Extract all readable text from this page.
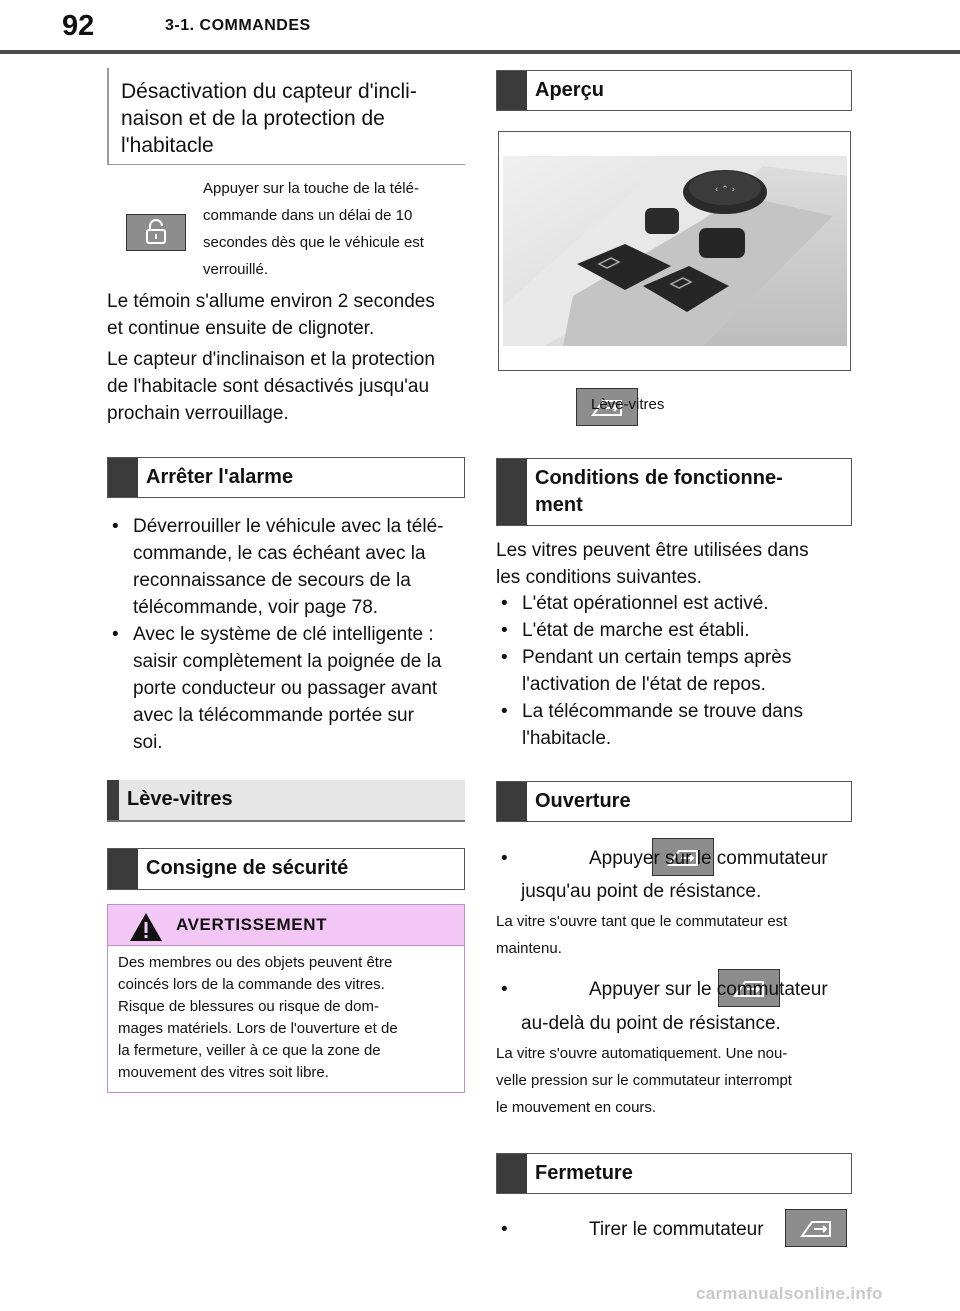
92	3-1. COMMANDES
Désactivation du capteur d'incli-
naison et de la protection de
l'habitacle

Appuyer sur la touche de la télé-
commande dans un délai de 10
secondes dès que le véhicule est
verrouillé.
Le témoin s'allume environ 2 secondes
et continue ensuite de clignoter.
Le capteur d'inclinaison et la protection
de l'habitacle sont désactivés jusqu'au
prochain verrouillage.
Arrêter l'alarme
• Déverrouiller le véhicule avec la télé-
commande, le cas échéant avec la
reconnaissance de secours de la
télécommande, voir page 78.
• Avec le système de clé intelligente :
saisir complètement la poignée de la
porte conducteur ou passager avant
avec la télécommande portée sur
soi.
Lève-vitres
Consigne de sécurité
AVERTISSEMENT
Des membres ou des objets peuvent être
coincés lors de la commande des vitres.
Risque de blessures ou risque de dom-
mages matériels. Lors de l'ouverture et de
la fermeture, veiller à ce que la zone de
mouvement des vitres soit libre.
Aperçu
‹ ⌃ ›

Lève-vitres
Conditions de fonctionne-
ment
Les vitres peuvent être utilisées dans
les conditions suivantes.
• L'état opérationnel est activé.
• L'état de marche est établi.
• Pendant un certain temps après
l'activation de l'état de repos.
• La télécommande se trouve dans
l'habitacle.
Ouverture
•
	Appuyer sur le commutateur
jusqu'au point de résistance.
La vitre s'ouvre tant que le commutateur est
maintenu.
•
	Appuyer sur le commutateur
au-delà du point de résistance.
La vitre s'ouvre automatiquement. Une nou-
velle pression sur le commutateur interrompt
le mouvement en cours.
Fermeture
•	Tirer le commutateur
carmanualsonline.info
